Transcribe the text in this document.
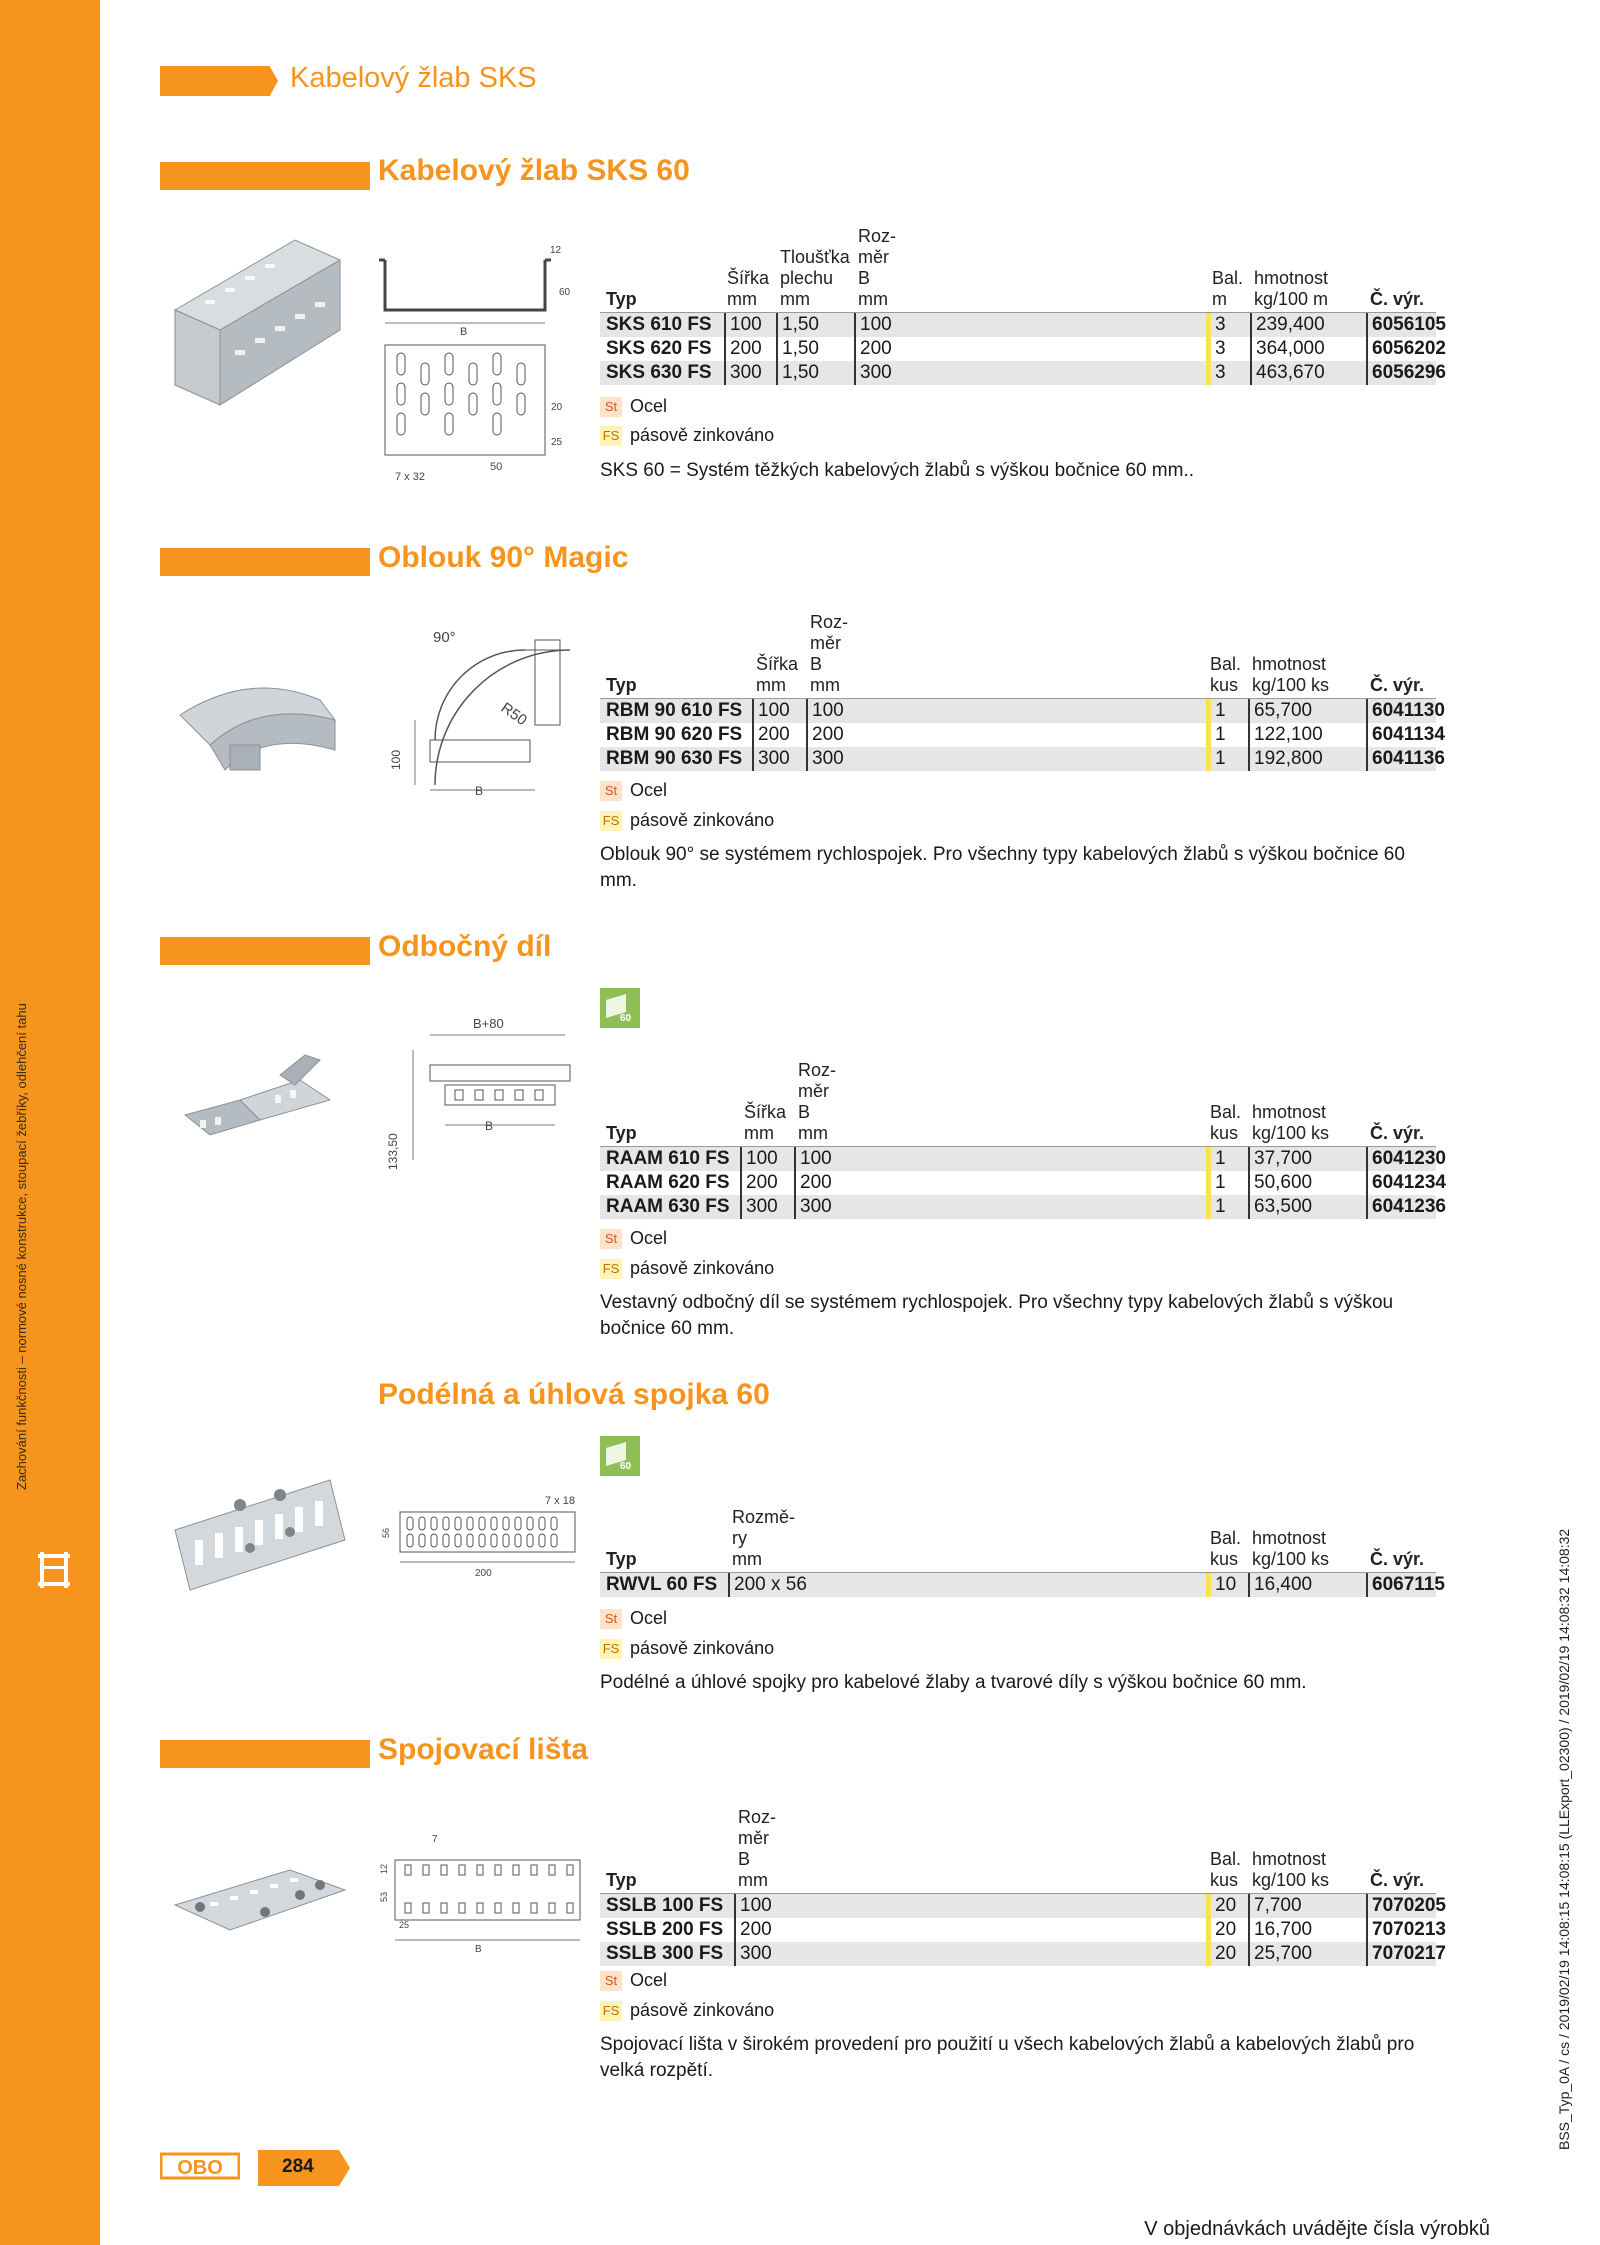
Zachování funkčnosti – normové nosné konstrukce, stoupací žebříky, odlehčení tahu
BSS_Typ_0A / cs / 2019/02/19 14:08:15 14:08:15 (LLExport_02300) / 2019/02/19 14:08:32 14:08:32
Kabelový žlab SKS
Kabelový žlab SKS 60
B
12
60
7 x 32
50
25
20
Typ
Šířka
mm
Tloušťka
plechu
mm
Roz-
měr
B
mm
Bal.
m
hmotnost
kg/100 m Č. výr.
SKS 610 FS 100	1,50	100	3	239,400	6056105
SKS 620 FS 200	1,50	200	3	364,000	6056202
SKS 630 FS 300	1,50	300	3	463,670	6056296
St Ocel
FS pásově zinkováno
SKS 60 = Systém těžkých kabelových žlabů s výškou bočnice 60 mm..
Oblouk 90° Magic
90°
R50
100
B
Typ
Šířka
mm
Roz-
měr
B
mm
Bal.
kus
hmotnost
kg/100 ks Č. výr.
RBM 90 610 FS 100	100	1	65,700	6041130
RBM 90 620 FS 200	200	1	122,100	6041134
RBM 90 630 FS 300	300	1	192,800	6041136
St Ocel
FS pásově zinkováno
Oblouk 90° se systémem rychlospojek. Pro všechny typy kabelových žlabů s výškou bočnice 60 mm.
Odbočný díl
60
B+80
B
133,50
Typ
Šířka
mm
Roz-
měr
B
mm
Bal.
kus
hmotnost
kg/100 ks Č. výr.
RAAM 610 FS 100	100	1	37,700	6041230
RAAM 620 FS 200	200	1	50,600	6041234
RAAM 630 FS 300	300	1	63,500	6041236
St Ocel
FS pásově zinkováno
Vestavný odbočný díl se systémem rychlospojek. Pro všechny typy kabelových žlabů s výškou bočnice 60 mm.
Podélná a úhlová spojka 60
60
7 x 18
56
200
Typ
Rozmě-
ry
mm
Bal.
kus
hmotnost
kg/100 ks Č. výr.
RWVL 60 FS 200 x 56	10 16,400	6067115
St Ocel
FS pásově zinkováno
Podélné a úhlové spojky pro kabelové žlaby a tvarové díly s výškou bočnice 60 mm.
Spojovací lišta
7
12
53
25
B
Typ
Roz-
měr
B
mm
Bal.
kus
hmotnost
kg/100 ks Č. výr.
SSLB 100 FS 100	20 7,700	7070205
SSLB 200 FS 200	20 16,700	7070213
SSLB 300 FS 300	20 25,700	7070217
St Ocel
FS pásově zinkováno
Spojovací lišta v širokém provedení pro použití u všech kabelových žlabů a kabelových žlabů pro velká rozpětí.
OBO	284
V objednávkách uvádějte čísla výrobků
